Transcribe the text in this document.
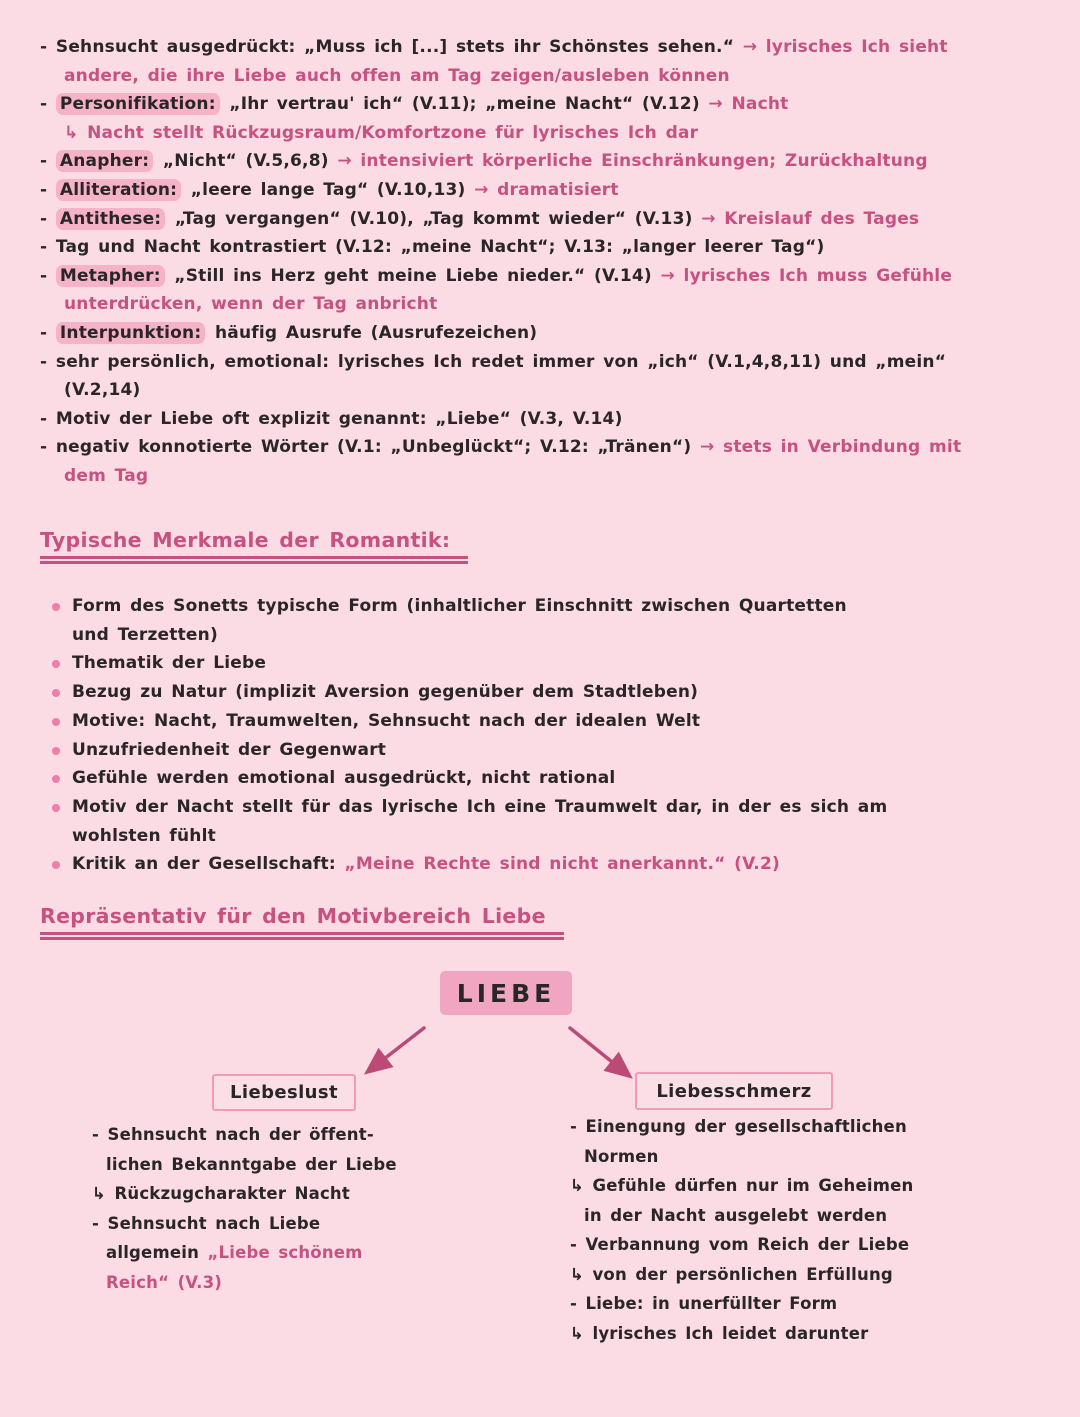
- Sehnsucht ausgedrückt: „Muss ich [...] stets ihr Schönstes sehen.“ → lyrisches Ich sieht
andere, die ihre Liebe auch offen am Tag zeigen/ausleben können
- Personifikation: „Ihr vertrau' ich“ (V.11); „meine Nacht“ (V.12) → Nacht
↳ Nacht stellt Rückzugsraum/Komfortzone für lyrisches Ich dar
- Anapher: „Nicht“ (V.5,6,8) → intensiviert körperliche Einschränkungen; Zurückhaltung
- Alliteration: „leere lange Tag“ (V.10,13) → dramatisiert
- Antithese: „Tag vergangen“ (V.10), „Tag kommt wieder“ (V.13) → Kreislauf des Tages
- Tag und Nacht kontrastiert (V.12: „meine Nacht“; V.13: „langer leerer Tag“)
- Metapher: „Still ins Herz geht meine Liebe nieder.“ (V.14) → lyrisches Ich muss Gefühle
unterdrücken, wenn der Tag anbricht
- Interpunktion: häufig Ausrufe (Ausrufezeichen)
- sehr persönlich, emotional: lyrisches Ich redet immer von „ich“ (V.1,4,8,11) und „mein“
(V.2,14)
- Motiv der Liebe oft explizit genannt: „Liebe“ (V.3, V.14)
- negativ konnotierte Wörter (V.1: „Unbeglückt“; V.12: „Tränen“) → stets in Verbindung mit
dem Tag
Typische Merkmale der Romantik:
Form des Sonetts typische Form (inhaltlicher Einschnitt zwischen Quartetten
und Terzetten)
Thematik der Liebe
Bezug zu Natur (implizit Aversion gegenüber dem Stadtleben)
Motive: Nacht, Traumwelten, Sehnsucht nach der idealen Welt
Unzufriedenheit der Gegenwart
Gefühle werden emotional ausgedrückt, nicht rational
Motiv der Nacht stellt für das lyrische Ich eine Traumwelt dar, in der es sich am
wohlsten fühlt
Kritik an der Gesellschaft: „Meine Rechte sind nicht anerkannt.“ (V.2)
Repräsentativ für den Motivbereich Liebe
LIEBE
Liebeslust	Liebesschmerz
- Sehnsucht nach der öffent-
lichen Bekanntgabe der Liebe
↳ Rückzugcharakter Nacht
- Sehnsucht nach Liebe
allgemein „Liebe schönem
Reich“ (V.3)
- Einengung der gesellschaftlichen
Normen
↳ Gefühle dürfen nur im Geheimen
in der Nacht ausgelebt werden
- Verbannung vom Reich der Liebe
↳ von der persönlichen Erfüllung
- Liebe: in unerfüllter Form
↳ lyrisches Ich leidet darunter
